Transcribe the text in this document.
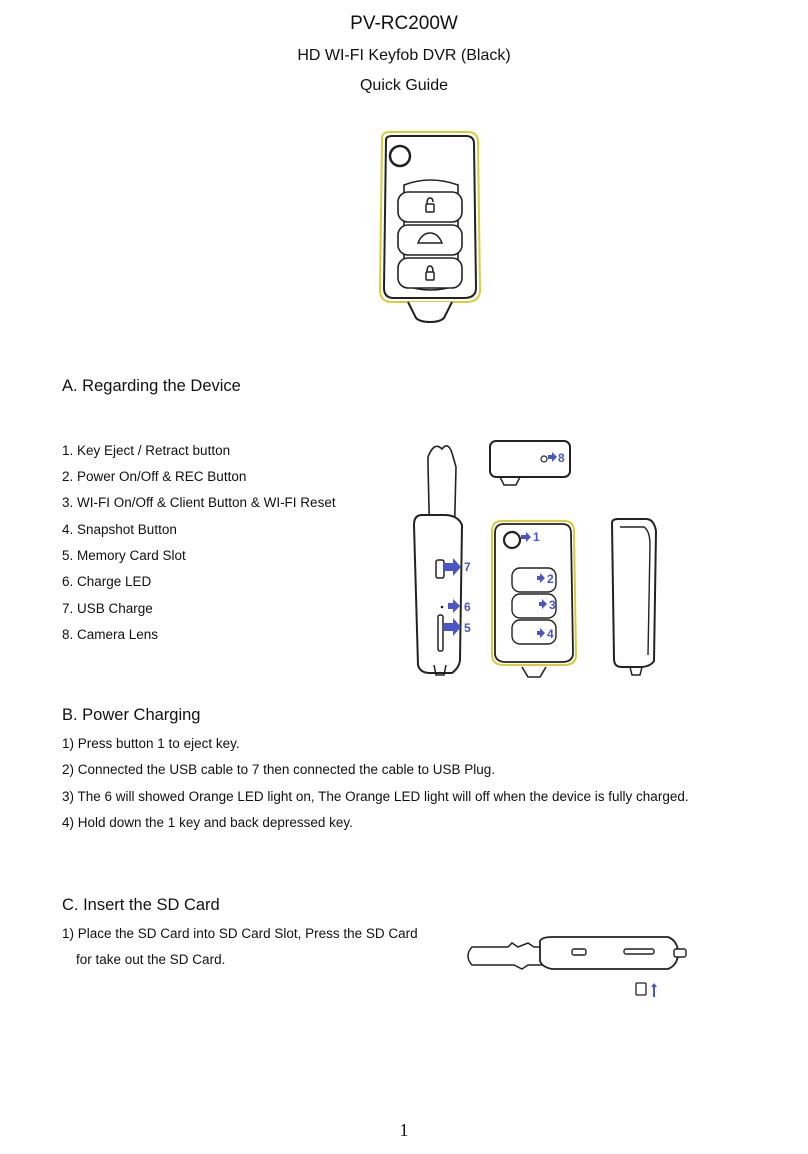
PV-RC200W
HD WI-FI Keyfob DVR (Black)
Quick Guide
A. Regarding the Device
1. Key Eject / Retract button
2. Power On/Off & REC Button
3. WI-FI On/Off & Client Button & WI-FI Reset
4. Snapshot Button
5. Memory Card Slot
6. Charge LED
7. USB Charge
8. Camera Lens
1
2
3
4
5
6
7
8
B. Power Charging
1) Press button 1 to eject key.
2) Connected the USB cable to 7 then connected the cable to USB Plug.
3) The 6 will showed Orange LED light on, The Orange LED light will off when the device is fully charged.
4) Hold down the 1 key and back depressed key.
C. Insert the SD Card
1) Place the SD Card into SD Card Slot, Press the SD Card
for take out the SD Card.
1
